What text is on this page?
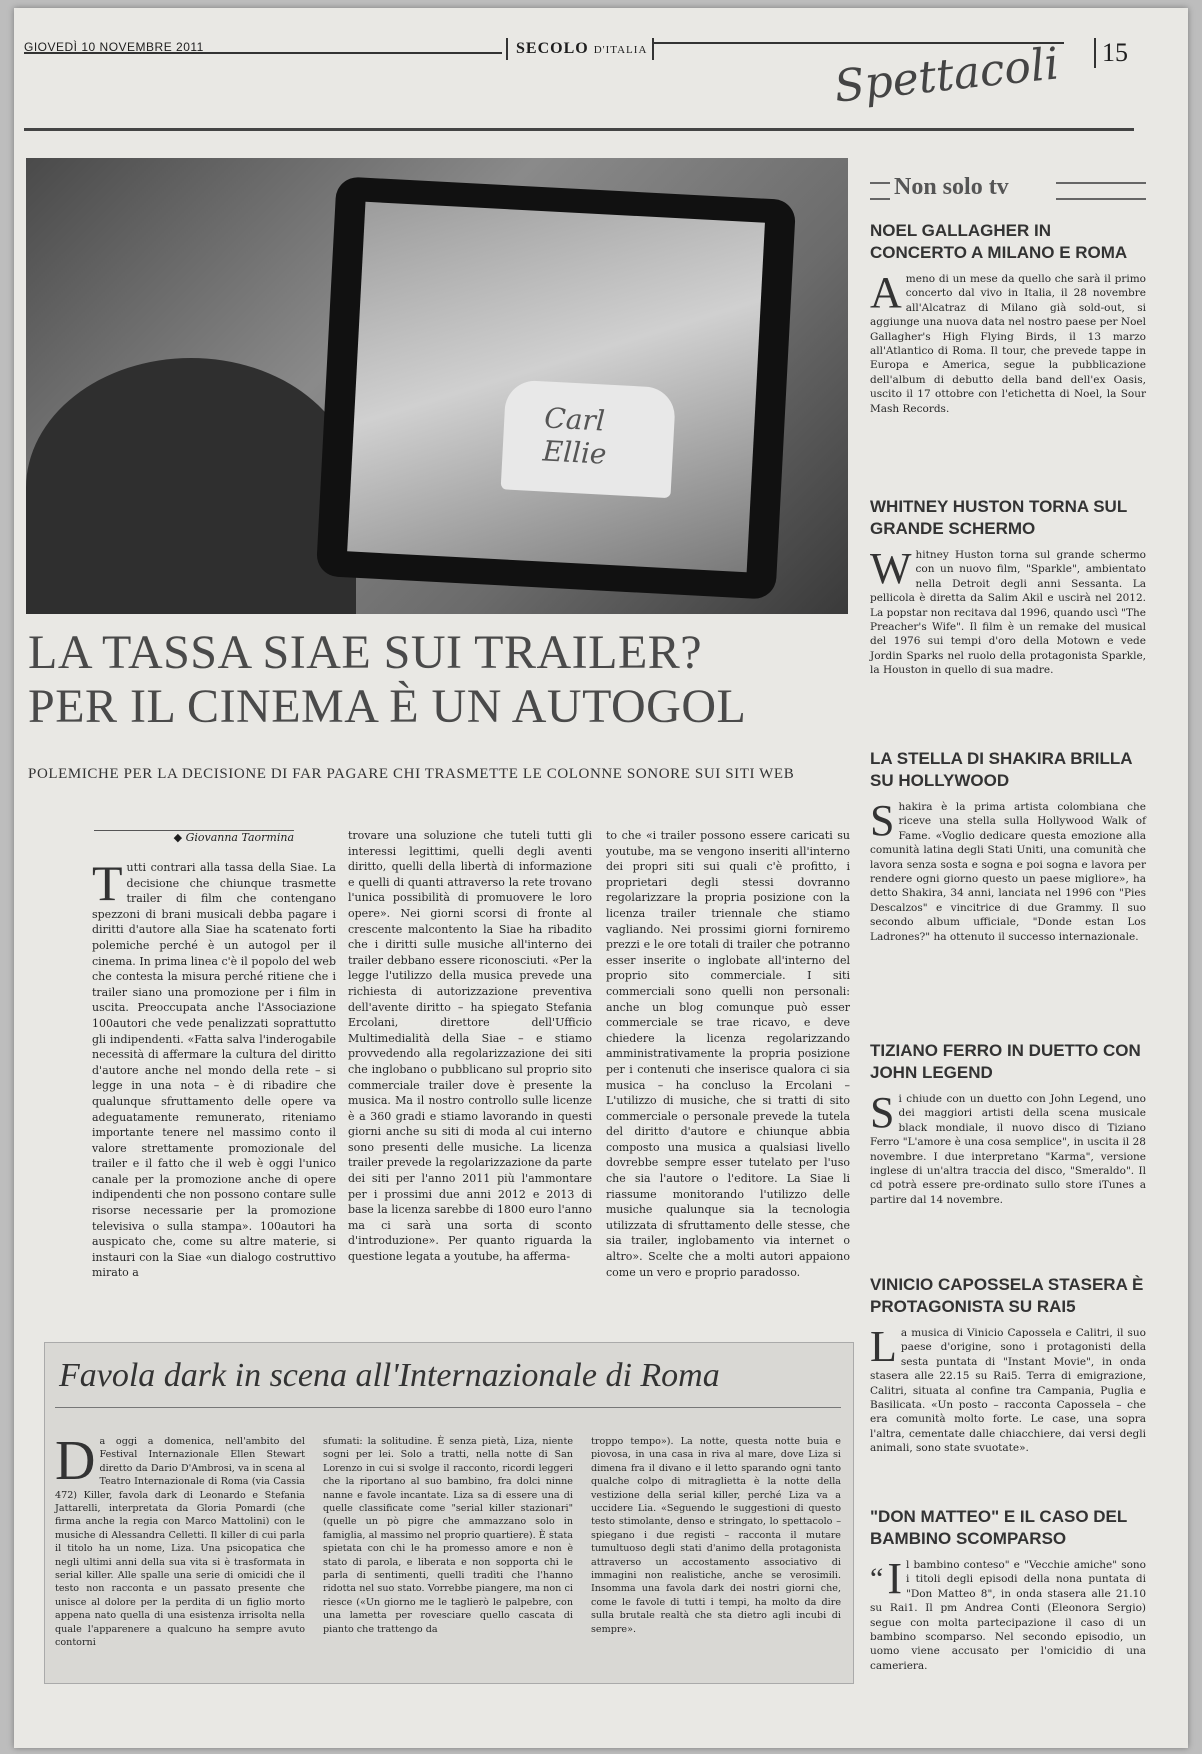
GIOVEDÌ 10 NOVEMBRE 2011	SECOLO D'ITALIA	Spettacoli	15
Carl Ellie
LA TASSA SIAE SUI TRAILER?
PER IL CINEMA È UN AUTOGOL
POLEMICHE PER LA DECISIONE DI FAR PAGARE CHI TRASMETTE LE COLONNE SONORE SUI SITI WEB
◆ Giovanna Taormina
Tutti contrari alla tassa della Siae. La decisione che chiunque trasmette trailer di film che contengano spezzoni di brani musicali debba pagare i diritti d'autore alla Siae ha scatenato forti polemiche perché è un autogol per il cinema. In prima linea c'è il popolo del web che contesta la misura perché ritiene che i trailer siano una promozione per i film in uscita. Preoccupata anche l'Associazione 100autori che vede penalizzati soprattutto gli indipendenti. «Fatta salva l'inderogabile necessità di affermare la cultura del diritto d'autore anche nel mondo della rete – si legge in una nota – è di ribadire che qualunque sfruttamento delle opere va adeguatamente remunerato, riteniamo importante tenere nel massimo conto il valore strettamente promozionale del trailer e il fatto che il web è oggi l'unico canale per la promozione anche di opere indipendenti che non possono contare sulle risorse necessarie per la promozione televisiva o sulla stampa». 100autori ha auspicato che, come su altre materie, si instauri con la Siae «un dialogo costruttivo mirato a
trovare una soluzione che tuteli tutti gli interessi legittimi, quelli degli aventi diritto, quelli della libertà di informazione e quelli di quanti attraverso la rete trovano l'unica possibilità di promuovere le loro opere». Nei giorni scorsi di fronte al crescente malcontento la Siae ha ribadito che i diritti sulle musiche all'interno dei trailer debbano essere riconosciuti. «Per la legge l'utilizzo della musica prevede una richiesta di autorizzazione preventiva dell'avente diritto – ha spiegato Stefania Ercolani, direttore dell'Ufficio Multimedialità della Siae – e stiamo provvedendo alla regolarizzazione dei siti che inglobano o pubblicano sul proprio sito commerciale trailer dove è presente la musica. Ma il nostro controllo sulle licenze è a 360 gradi e stiamo lavorando in questi giorni anche su siti di moda al cui interno sono presenti delle musiche. La licenza trailer prevede la regolarizzazione da parte dei siti per l'anno 2011 più l'ammontare per i prossimi due anni 2012 e 2013 di base la licenza sarebbe di 1800 euro l'anno ma ci sarà una sorta di sconto d'introduzione». Per quanto riguarda la questione legata a youtube, ha afferma-
to che «i trailer possono essere caricati su youtube, ma se vengono inseriti all'interno dei propri siti sui quali c'è profitto, i proprietari degli stessi dovranno regolarizzare la propria posizione con la licenza trailer triennale che stiamo vagliando. Nei prossimi giorni forniremo prezzi e le ore totali di trailer che potranno esser inserite o inglobate all'interno del proprio sito commerciale. I siti commerciali sono quelli non personali: anche un blog comunque può esser commerciale se trae ricavo, e deve chiedere la licenza regolarizzando amministrativamente la propria posizione per i contenuti che inserisce qualora ci sia musica – ha concluso la Ercolani – L'utilizzo di musiche, che si tratti di sito commerciale o personale prevede la tutela del diritto d'autore e chiunque abbia composto una musica a qualsiasi livello dovrebbe sempre esser tutelato per l'uso che sia l'autore o l'editore. La Siae li riassume monitorando l'utilizzo delle musiche qualunque sia la tecnologia utilizzata di sfruttamento delle stesse, che sia trailer, inglobamento via internet o altro». Scelte che a molti autori appaiono come un vero e proprio paradosso.
Favola dark in scena all'Internazionale di Roma
Da oggi a domenica, nell'ambito del Festival Internazionale Ellen Stewart diretto da Dario D'Ambrosi, va in scena al Teatro Internazionale di Roma (via Cassia 472) Killer, favola dark di Leonardo e Stefania Jattarelli, interpretata da Gloria Pomardi (che firma anche la regia con Marco Mattolini) con le musiche di Alessandra Celletti. Il killer di cui parla il titolo ha un nome, Liza. Una psicopatica che negli ultimi anni della sua vita si è trasformata in serial killer. Alle spalle una serie di omicidi che il testo non racconta e un passato presente che unisce al dolore per la perdita di un figlio morto appena nato quella di una esistenza irrisolta nella quale l'apparenere a qualcuno ha sempre avuto contorni
sfumati: la solitudine. È senza pietà, Liza, niente sogni per lei. Solo a tratti, nella notte di San Lorenzo in cui si svolge il racconto, ricordi leggeri che la riportano al suo bambino, fra dolci ninne nanne e favole incantate. Liza sa di essere una di quelle classificate come "serial killer stazionari" (quelle un pò pigre che ammazzano solo in famiglia, al massimo nel proprio quartiere). È stata spietata con chi le ha promesso amore e non è stato di parola, e liberata e non sopporta chi le parla di sentimenti, quelli tradìti che l'hanno ridotta nel suo stato. Vorrebbe piangere, ma non ci riesce («Un giorno me le taglierò le palpebre, con una lametta per rovesciare quello cascata di pianto che trattengo da
troppo tempo»). La notte, questa notte buia e piovosa, in una casa in riva al mare, dove Liza si dimena fra il divano e il letto sparando ogni tanto qualche colpo di mitraglietta è la notte della vestizione della serial killer, perché Liza va a uccidere Lia. «Seguendo le suggestioni di questo testo stimolante, denso e stringato, lo spettacolo – spiegano i due registi – racconta il mutare tumultuoso degli stati d'animo della protagonista attraverso un accostamento associativo di immagini non realistiche, anche se verosimili. Insomma una favola dark dei nostri giorni che, come le favole di tutti i tempi, ha molto da dire sulla brutale realtà che sta dietro agli incubi di sempre».
Non solo tv
NOEL GALLAGHER IN CONCERTO A MILANO E ROMA
A meno di un mese da quello che sarà il primo concerto dal vivo in Italia, il 28 novembre all'Alcatraz di Milano già sold-out, si aggiunge una nuova data nel nostro paese per Noel Gallagher's High Flying Birds, il 13 marzo all'Atlantico di Roma. Il tour, che prevede tappe in Europa e America, segue la pubblicazione dell'album di debutto della band dell'ex Oasis, uscito il 17 ottobre con l'etichetta di Noel, la Sour Mash Records.
WHITNEY HUSTON TORNA SUL GRANDE SCHERMO
Whitney Huston torna sul grande schermo con un nuovo film, "Sparkle", ambientato nella Detroit degli anni Sessanta. La pellicola è diretta da Salim Akil e uscirà nel 2012. La popstar non recitava dal 1996, quando uscì "The Preacher's Wife". Il film è un remake del musical del 1976 sui tempi d'oro della Motown e vede Jordin Sparks nel ruolo della protagonista Sparkle, la Houston in quello di sua madre.
LA STELLA DI SHAKIRA BRILLA SU HOLLYWOOD
Shakira è la prima artista colombiana che riceve una stella sulla Hollywood Walk of Fame. «Voglio dedicare questa emozione alla comunità latina degli Stati Uniti, una comunità che lavora senza sosta e sogna e poi sogna e lavora per rendere ogni giorno questo un paese migliore», ha detto Shakira, 34 anni, lanciata nel 1996 con "Pies Descalzos" e vincitrice di due Grammy. Il suo secondo album ufficiale, "Donde estan Los Ladrones?" ha ottenuto il successo internazionale.
TIZIANO FERRO IN DUETTO CON JOHN LEGEND
Si chiude con un duetto con John Legend, uno dei maggiori artisti della scena musicale black mondiale, il nuovo disco di Tiziano Ferro "L'amore è una cosa semplice", in uscita il 28 novembre. I due interpretano "Karma", versione inglese di un'altra traccia del disco, "Smeraldo". Il cd potrà essere pre-ordinato sullo store iTunes a partire dal 14 novembre.
VINICIO CAPOSSELA STASERA È PROTAGONISTA SU RAI5
La musica di Vinicio Capossela e Calitri, il suo paese d'origine, sono i protagonisti della sesta puntata di "Instant Movie", in onda stasera alle 22.15 su Rai5. Terra di emigrazione, Calitri, situata al confine tra Campania, Puglia e Basilicata. «Un posto – racconta Capossela – che era comunità molto forte. Le case, una sopra l'altra, cementate dalle chiacchiere, dai versi degli animali, sono state svuotate».
"DON MATTEO" E IL CASO DEL BAMBINO SCOMPARSO
“ I l bambino conteso" e "Vecchie amiche" sono i titoli degli episodi della nona puntata di "Don Matteo 8", in onda stasera alle 21.10 su Rai1. Il pm Andrea Conti (Eleonora Sergio) segue con molta partecipazione il caso di un bambino scomparso. Nel secondo episodio, un uomo viene accusato per l'omicidio di una cameriera.
